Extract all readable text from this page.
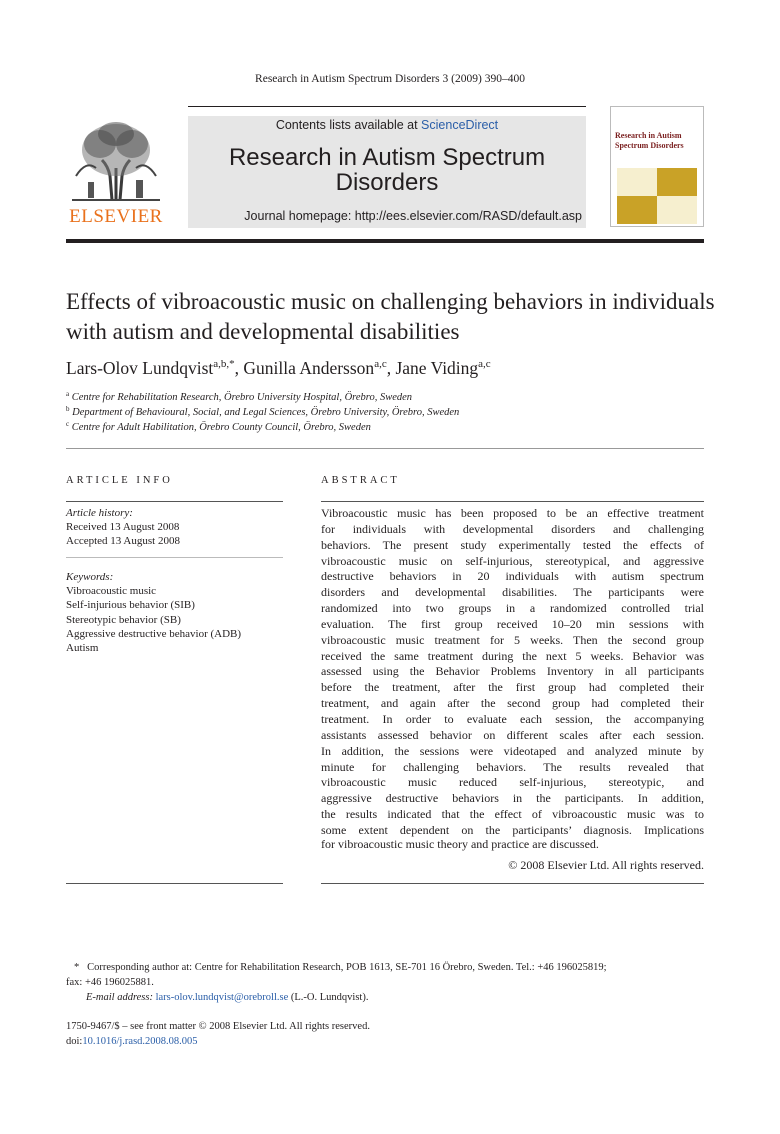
Research in Autism Spectrum Disorders 3 (2009) 390–400
ELSEVIER
Contents lists available at ScienceDirect
Research in Autism Spectrum
Disorders
Journal homepage: http://ees.elsevier.com/RASD/default.asp
Research in Autism Spectrum Disorders
Effects of vibroacoustic music on challenging behaviors in individuals with autism and developmental disabilities
Lars-Olov Lundqvist$^{a,b,*}$, Gunilla Andersson$^{a,c}$, Jane Viding$^{a,c}$
$^a$ Centre for Rehabilitation Research, Örebro University Hospital, Örebro, Sweden
$^b$ Department of Behavioural, Social, and Legal Sciences, Örebro University, Örebro, Sweden
$^c$ Centre for Adult Habilitation, Örebro County Council, Örebro, Sweden
ARTICLE INFO
Article history:
Received 13 August 2008
Accepted 13 August 2008
Keywords:
Vibroacoustic music
Self-injurious behavior (SIB)
Stereotypic behavior (SB)
Aggressive destructive behavior (ADB)
Autism
ABSTRACT
Vibroacoustic music has been proposed to be an effective treatment
for individuals with developmental disorders and challenging
behaviors. The present study experimentally tested the effects of
vibroacoustic music on self-injurious, stereotypical, and aggressive
destructive behaviors in 20 individuals with autism spectrum
disorders and developmental disabilities. The participants were
randomized into two groups in a randomized controlled trial
evaluation. The first group received 10–20 min sessions with
vibroacoustic music treatment for 5 weeks. Then the second group
received the same treatment during the next 5 weeks. Behavior was
assessed using the Behavior Problems Inventory in all participants
before the treatment, after the first group had completed their
treatment, and again after the second group had completed their
treatment. In order to evaluate each session, the accompanying
assistants assessed behavior on different scales after each session.
In addition, the sessions were videotaped and analyzed minute by
minute for challenging behaviors. The results revealed that
vibroacoustic music reduced self-injurious, stereotypic, and
aggressive destructive behaviors in the participants. In addition,
the results indicated that the effect of vibroacoustic music was to
some extent dependent on the participants’ diagnosis. Implications
for vibroacoustic music theory and practice are discussed.
© 2008 Elsevier Ltd. All rights reserved.
* Corresponding author at: Centre for Rehabilitation Research, POB 1613, SE-701 16 Örebro, Sweden. Tel.: +46 196025819;
fax: +46 196025881.
E-mail address: lars-olov.lundqvist@orebroll.se (L.-O. Lundqvist).
1750-9467/$ – see front matter © 2008 Elsevier Ltd. All rights reserved.
doi:10.1016/j.rasd.2008.08.005
